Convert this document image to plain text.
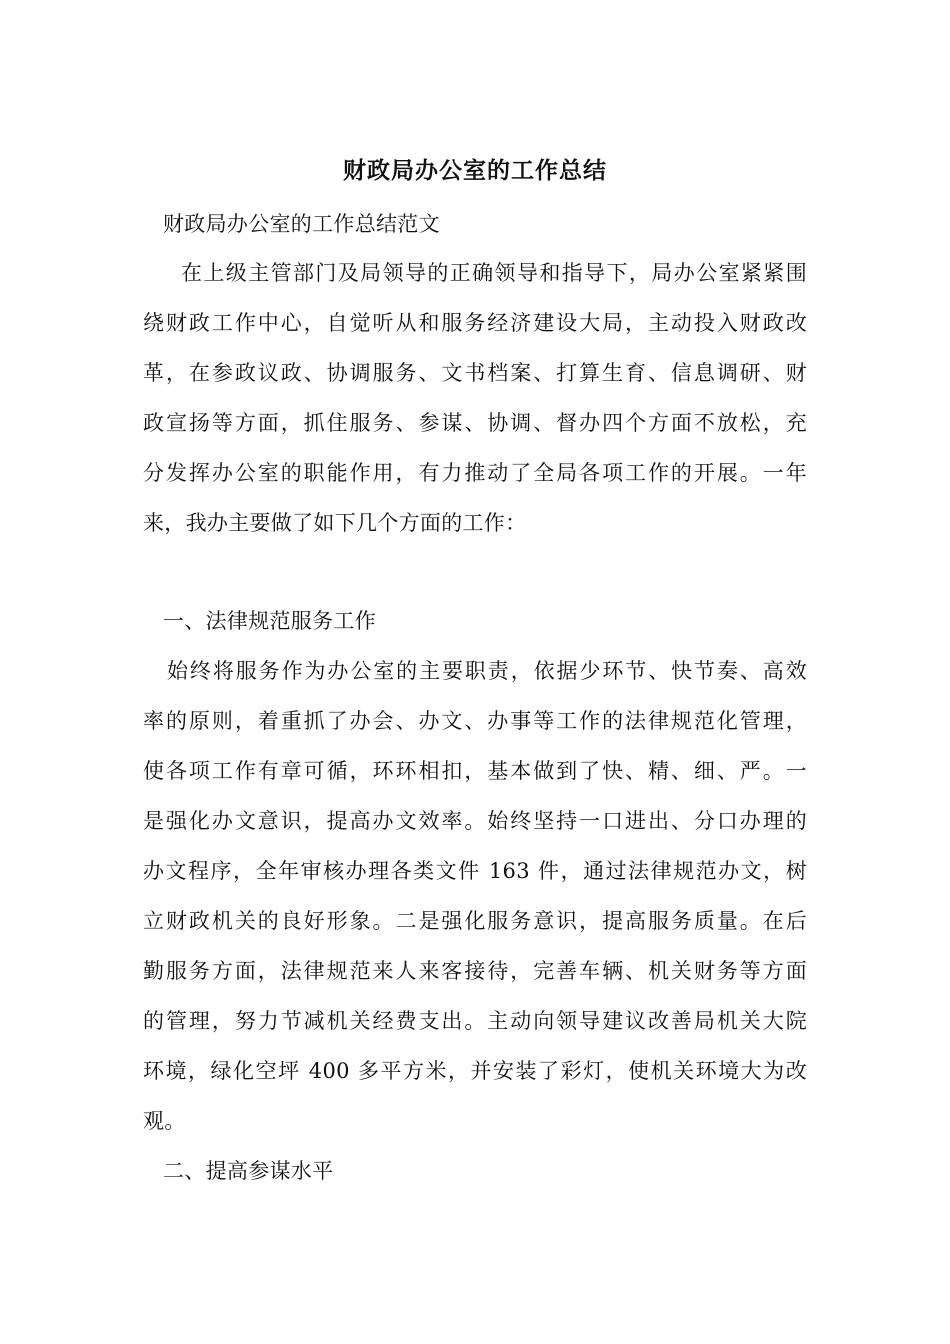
财政局办公室的工作总结
财政局办公室的工作总结范文
在上级主管部门及局领导的正确领导和指导下，局办公室紧紧围
绕财政工作中心，自觉听从和服务经济建设大局，主动投入财政改
革，在参政议政、协调服务、文书档案、打算生育、信息调研、财
政宣扬等方面，抓住服务、参谋、协调、督办四个方面不放松，充
分发挥办公室的职能作用，有力推动了全局各项工作的开展。一年
来，我办主要做了如下几个方面的工作：
一、法律规范服务工作
始终将服务作为办公室的主要职责，依据少环节、快节奏、高效
率的原则，着重抓了办会、办文、办事等工作的法律规范化管理，
使各项工作有章可循，环环相扣，基本做到了快、精、细、严。一
是强化办文意识，提高办文效率。始终坚持一口进出、分口办理的
办文程序，全年审核办理各类文件 163 件，通过法律规范办文，树
立财政机关的良好形象。二是强化服务意识，提高服务质量。在后
勤服务方面，法律规范来人来客接待，完善车辆、机关财务等方面
的管理，努力节减机关经费支出。主动向领导建议改善局机关大院
环境，绿化空坪 400 多平方米，并安装了彩灯，使机关环境大为改
观。
二、提高参谋水平
